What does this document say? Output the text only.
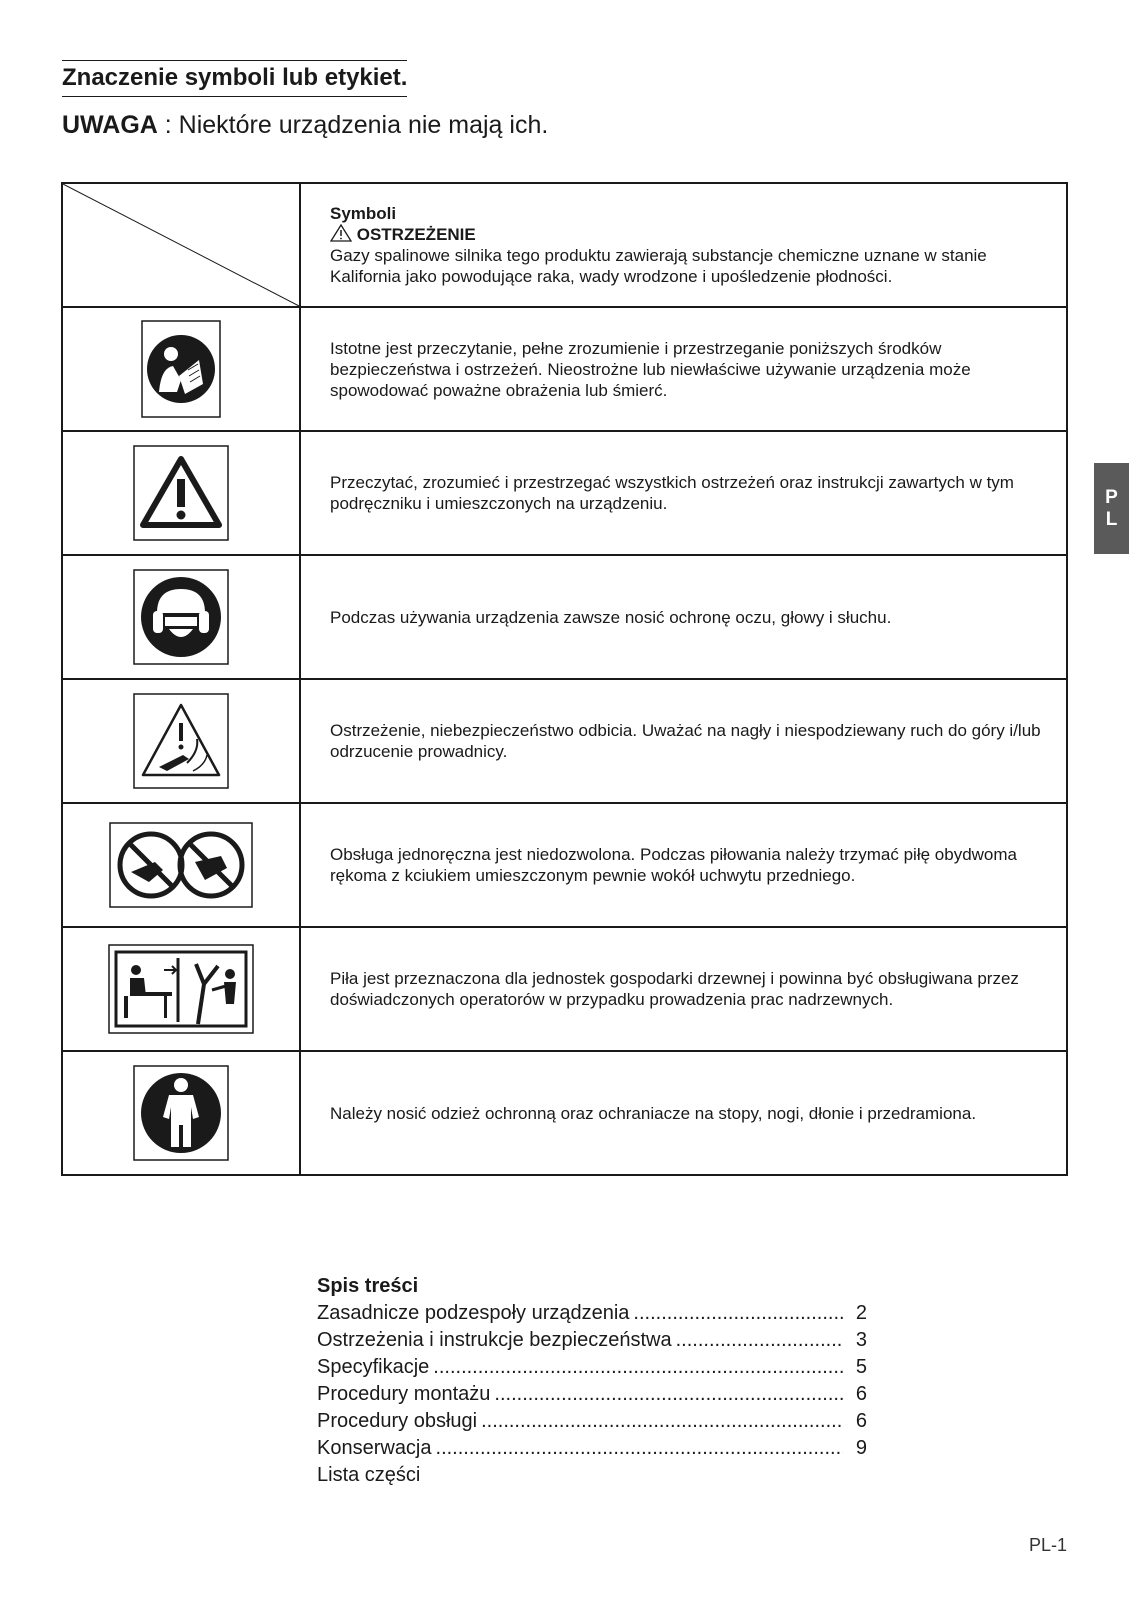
Znaczenie symboli lub etykiet.
UWAGA : Niektóre urządzenia nie mają ich.

Symboli
OSTRZEŻENIE
Gazy spalinowe silnika tego produktu zawierają substancje chemiczne uznane w stanie Kalifornia jako powodujące raka, wady wrodzone i upośledzenie płodności.

	Istotne jest przeczytanie, pełne zrozumienie i przestrzeganie poniższych środków bezpieczeństwa i ostrzeżeń. Nieostrożne lub niewłaściwe używanie urządzenia może spowodować poważne obrażenia lub śmierć.

	Przeczytać, zrozumieć i przestrzegać wszystkich ostrzeżeń oraz instrukcji zawartych w tym podręczniku i umieszczonych na urządzeniu.

	Podczas używania urządzenia zawsze nosić ochronę oczu, głowy i słuchu.

	Ostrzeżenie, niebezpieczeństwo odbicia. Uważać na nagły i niespodziewany ruch do góry i/lub odrzucenie prowadnicy.

	Obsługa jednoręczna jest niedozwolona. Podczas piłowania należy trzymać piłę obydwoma rękoma z kciukiem umieszczonym pewnie wokół uchwytu przedniego.

	Piła jest przeznaczona dla jednostek gospodarki drzewnej i powinna być obsługiwana przez doświadczonych operatorów w przypadku prowadzenia prac nadrzewnych.

	Należy nosić odzież ochronną oraz ochraniacze na stopy, nogi, dłonie i przedramiona.
P
L
Spis treści
Zasadnicze podzespoły urządzenia .....	2
Ostrzeżenia i instrukcje bezpieczeństwa .....	3
Specyfikacje .....	5
Procedury montażu .....	6
Procedury obsługi .....	6
Konserwacja .....	9
Lista części
PL-1
